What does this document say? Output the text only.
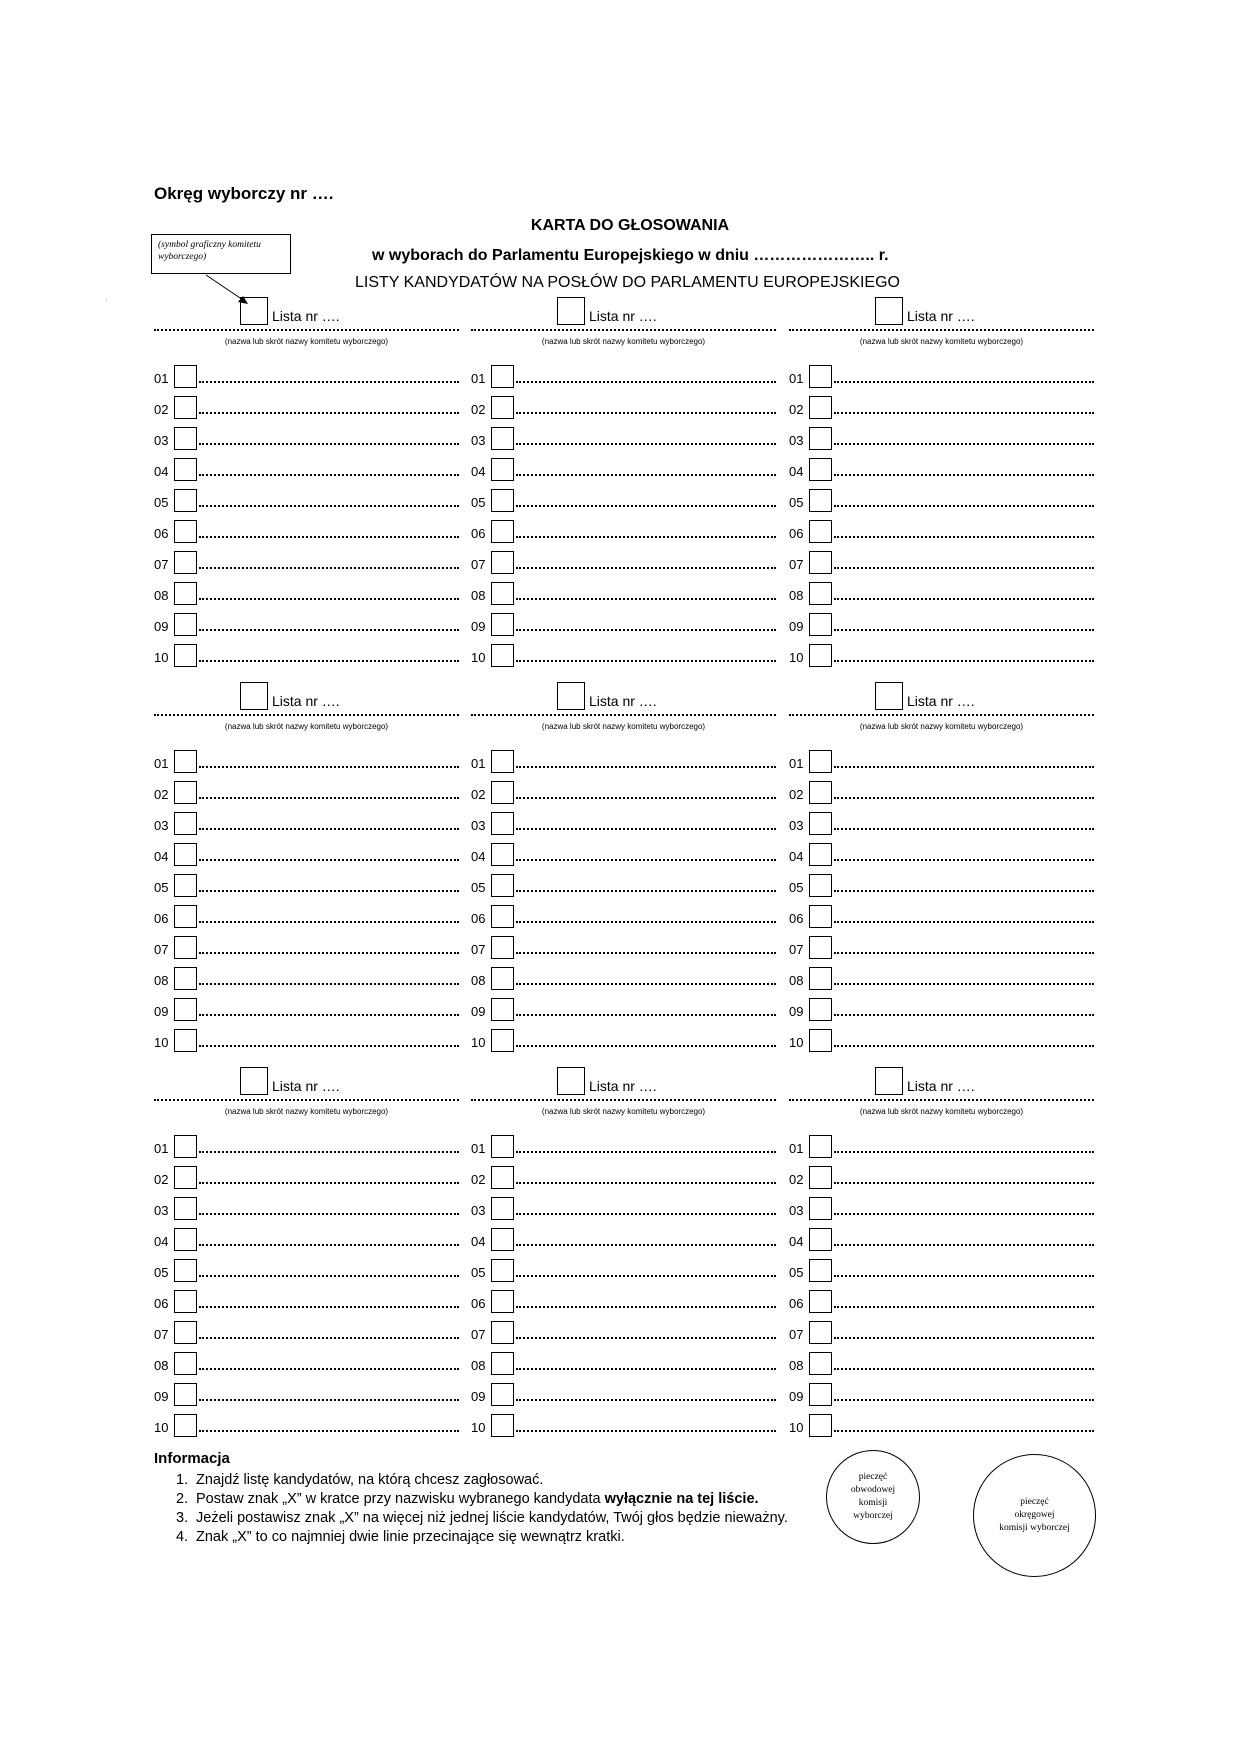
Okręg wyborczy nr ….
KARTA DO GŁOSOWANIA
w wyborach do Parlamentu Europejskiego w dniu ………………….. r.
LISTY KANDYDATÓW NA POSŁÓW DO PARLAMENTU EUROPEJSKIEGO
(symbol graficzny komitetu wyborczego)
‘
Lista nr ….
(nazwa lub skrót nazwy komitetu wyborczego)
01
02
03
04
05
06
07
08
09
10
Lista nr ….
(nazwa lub skrót nazwy komitetu wyborczego)
01
02
03
04
05
06
07
08
09
10
Lista nr ….
(nazwa lub skrót nazwy komitetu wyborczego)
01
02
03
04
05
06
07
08
09
10
Lista nr ….
(nazwa lub skrót nazwy komitetu wyborczego)
01
02
03
04
05
06
07
08
09
10
Lista nr ….
(nazwa lub skrót nazwy komitetu wyborczego)
01
02
03
04
05
06
07
08
09
10
Lista nr ….
(nazwa lub skrót nazwy komitetu wyborczego)
01
02
03
04
05
06
07
08
09
10
Lista nr ….
(nazwa lub skrót nazwy komitetu wyborczego)
01
02
03
04
05
06
07
08
09
10
Lista nr ….
(nazwa lub skrót nazwy komitetu wyborczego)
01
02
03
04
05
06
07
08
09
10
Lista nr ….
(nazwa lub skrót nazwy komitetu wyborczego)
01
02
03
04
05
06
07
08
09
10
Informacja
1. Znajdź listę kandydatów, na którą chcesz zagłosować.
2. Postaw znak „X” w kratce przy nazwisku wybranego kandydata wyłącznie na tej liście.
3. Jeżeli postawisz znak „X” na więcej niż jednej liście kandydatów, Twój głos będzie nieważny.
4. Znak „X” to co najmniej dwie linie przecinające się wewnątrz kratki.
pieczęć
obwodowej
komisji
wyborczej
pieczęć
okręgowej
komisji wyborczej
